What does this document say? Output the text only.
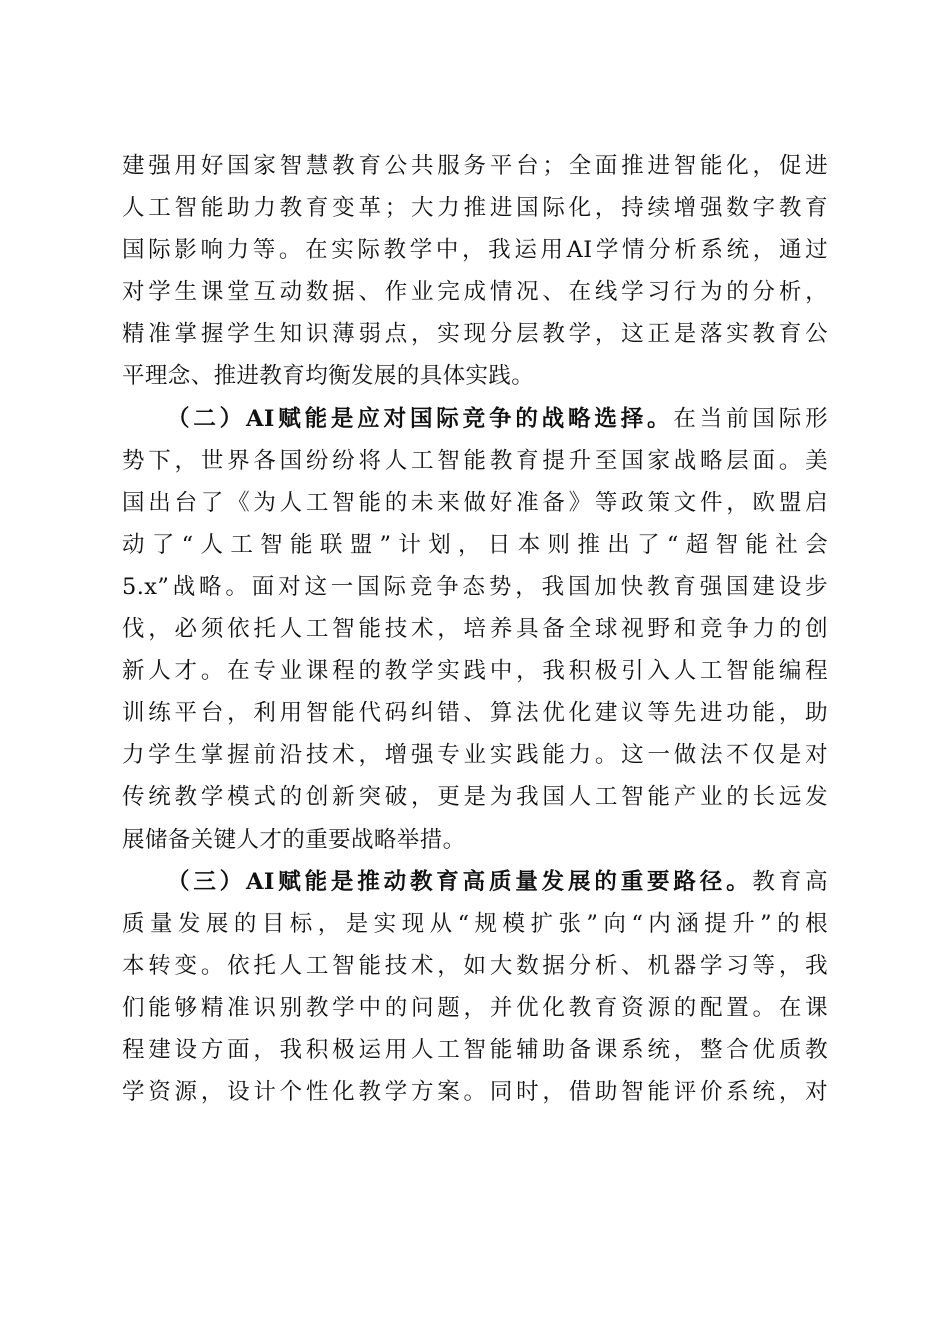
建强用好国家智慧教育公共服务平台；全面推进智能化，促进
人工智能助力教育变革；大力推进国际化，持续增强数字教育
国际影响力等。在实际教学中，我运用AI学情分析系统，通过
对学生课堂互动数据、作业完成情况、在线学习行为的分析，
精准掌握学生知识薄弱点，实现分层教学，这正是落实教育公
平理念、推进教育均衡发展的具体实践。
（二）AI赋能是应对国际竞争的战略选择。在当前国际形
势下，世界各国纷纷将人工智能教育提升至国家战略层面。美
国出台了《为人工智能的未来做好准备》等政策文件，欧盟启
动了“人工智能联盟”计划，日本则推出了“超智能社会
5.x”战略。面对这一国际竞争态势，我国加快教育强国建设步
伐，必须依托人工智能技术，培养具备全球视野和竞争力的创
新人才。在专业课程的教学实践中，我积极引入人工智能编程
训练平台，利用智能代码纠错、算法优化建议等先进功能，助
力学生掌握前沿技术，增强专业实践能力。这一做法不仅是对
传统教学模式的创新突破，更是为我国人工智能产业的长远发
展储备关键人才的重要战略举措。
（三）AI赋能是推动教育高质量发展的重要路径。教育高
质量发展的目标，是实现从“规模扩张”向“内涵提升”的根
本转变。依托人工智能技术，如大数据分析、机器学习等，我
们能够精准识别教学中的问题，并优化教育资源的配置。在课
程建设方面，我积极运用人工智能辅助备课系统，整合优质教
学资源，设计个性化教学方案。同时，借助智能评价系统，对
